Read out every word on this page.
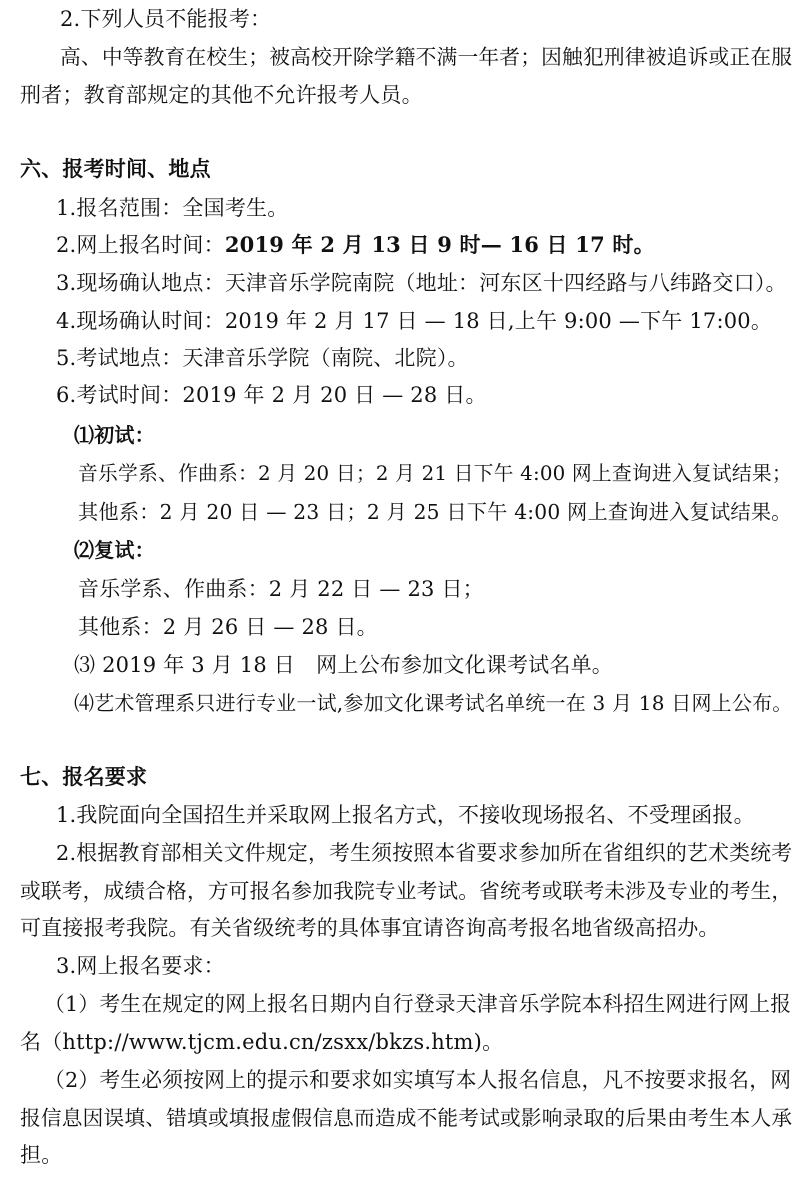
2.下列人员不能报考：
高、中等教育在校生；被高校开除学籍不满一年者；因触犯刑律被追诉或正在服
刑者；教育部规定的其他不允许报考人员。
六、报考时间、地点
1.报名范围：全国考生。
2.网上报名时间：2019 年 2 月 13 日 9 时— 16 日 17 时。
3.现场确认地点：天津音乐学院南院（地址：河东区十四经路与八纬路交口）。
4.现场确认时间：2019 年 2 月 17 日 — 18 日,上午 9:00 —下午 17:00。
5.考试地点：天津音乐学院（南院、北院）。
6.考试时间：2019 年 2 月 20 日 — 28 日。
⑴初试：
音乐学系、作曲系：2 月 20 日；2 月 21 日下午 4:00 网上查询进入复试结果；
其他系：2 月 20 日 — 23 日；2 月 25 日下午 4:00 网上查询进入复试结果。
⑵复试：
音乐学系、作曲系：2 月 22 日 — 23 日；
其他系：2 月 26 日 — 28 日。
⑶ 2019 年 3 月 18 日　网上公布参加文化课考试名单。
⑷艺术管理系只进行专业一试,参加文化课考试名单统一在 3 月 18 日网上公布。
七、报名要求
1.我院面向全国招生并采取网上报名方式，不接收现场报名、不受理函报。
2.根据教育部相关文件规定，考生须按照本省要求参加所在省组织的艺术类统考
或联考，成绩合格，方可报名参加我院专业考试。省统考或联考未涉及专业的考生，
可直接报考我院。有关省级统考的具体事宜请咨询高考报名地省级高招办。
3.网上报名要求：
（1）考生在规定的网上报名日期内自行登录天津音乐学院本科招生网进行网上报
名（http://www.tjcm.edu.cn/zsxx/bkzs.htm)。
（2）考生必须按网上的提示和要求如实填写本人报名信息，凡不按要求报名，网
报信息因误填、错填或填报虚假信息而造成不能考试或影响录取的后果由考生本人承
担。
